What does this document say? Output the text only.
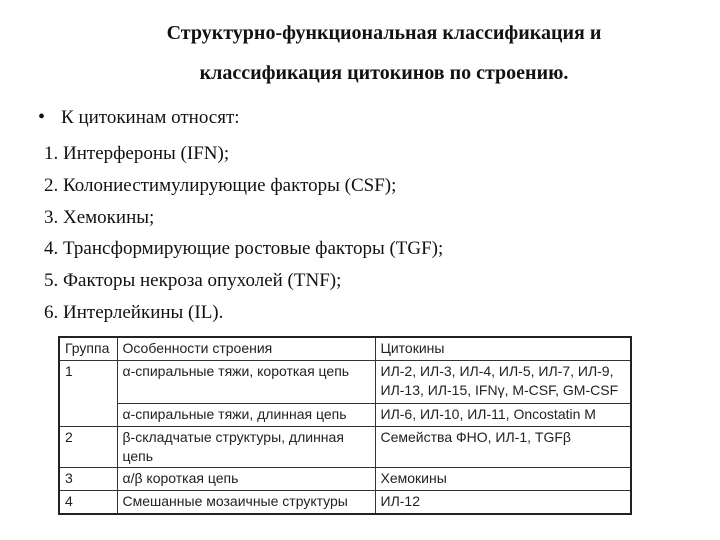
Структурно-функциональная классификация и
классификация цитокинов по строению.
• К цитокинам относят:
1. Интерфероны (IFN);
2. Колониестимулирующие факторы (CSF);
3. Хемокины;
4. Трансформирующие ростовые факторы (TGF);
5. Факторы некроза опухолей (TNF);
6. Интерлейкины (IL).
Группа	Особенности строения	Цитокины
1	α-спиральные тяжи, короткая цепь	ИЛ-2, ИЛ-3, ИЛ-4, ИЛ-5, ИЛ-7, ИЛ-9, ИЛ-13, ИЛ-15, IFNγ, M-CSF, GM-CSF
	α-спиральные тяжи, длинная цепь	ИЛ-6, ИЛ-10, ИЛ-11, Oncostatin M
2	β-складчатые структуры, длинная цепь	Семейства ФНО, ИЛ-1, TGFβ
3	α/β короткая цепь	Хемокины
4	Смешанные мозаичные структуры	ИЛ-12
